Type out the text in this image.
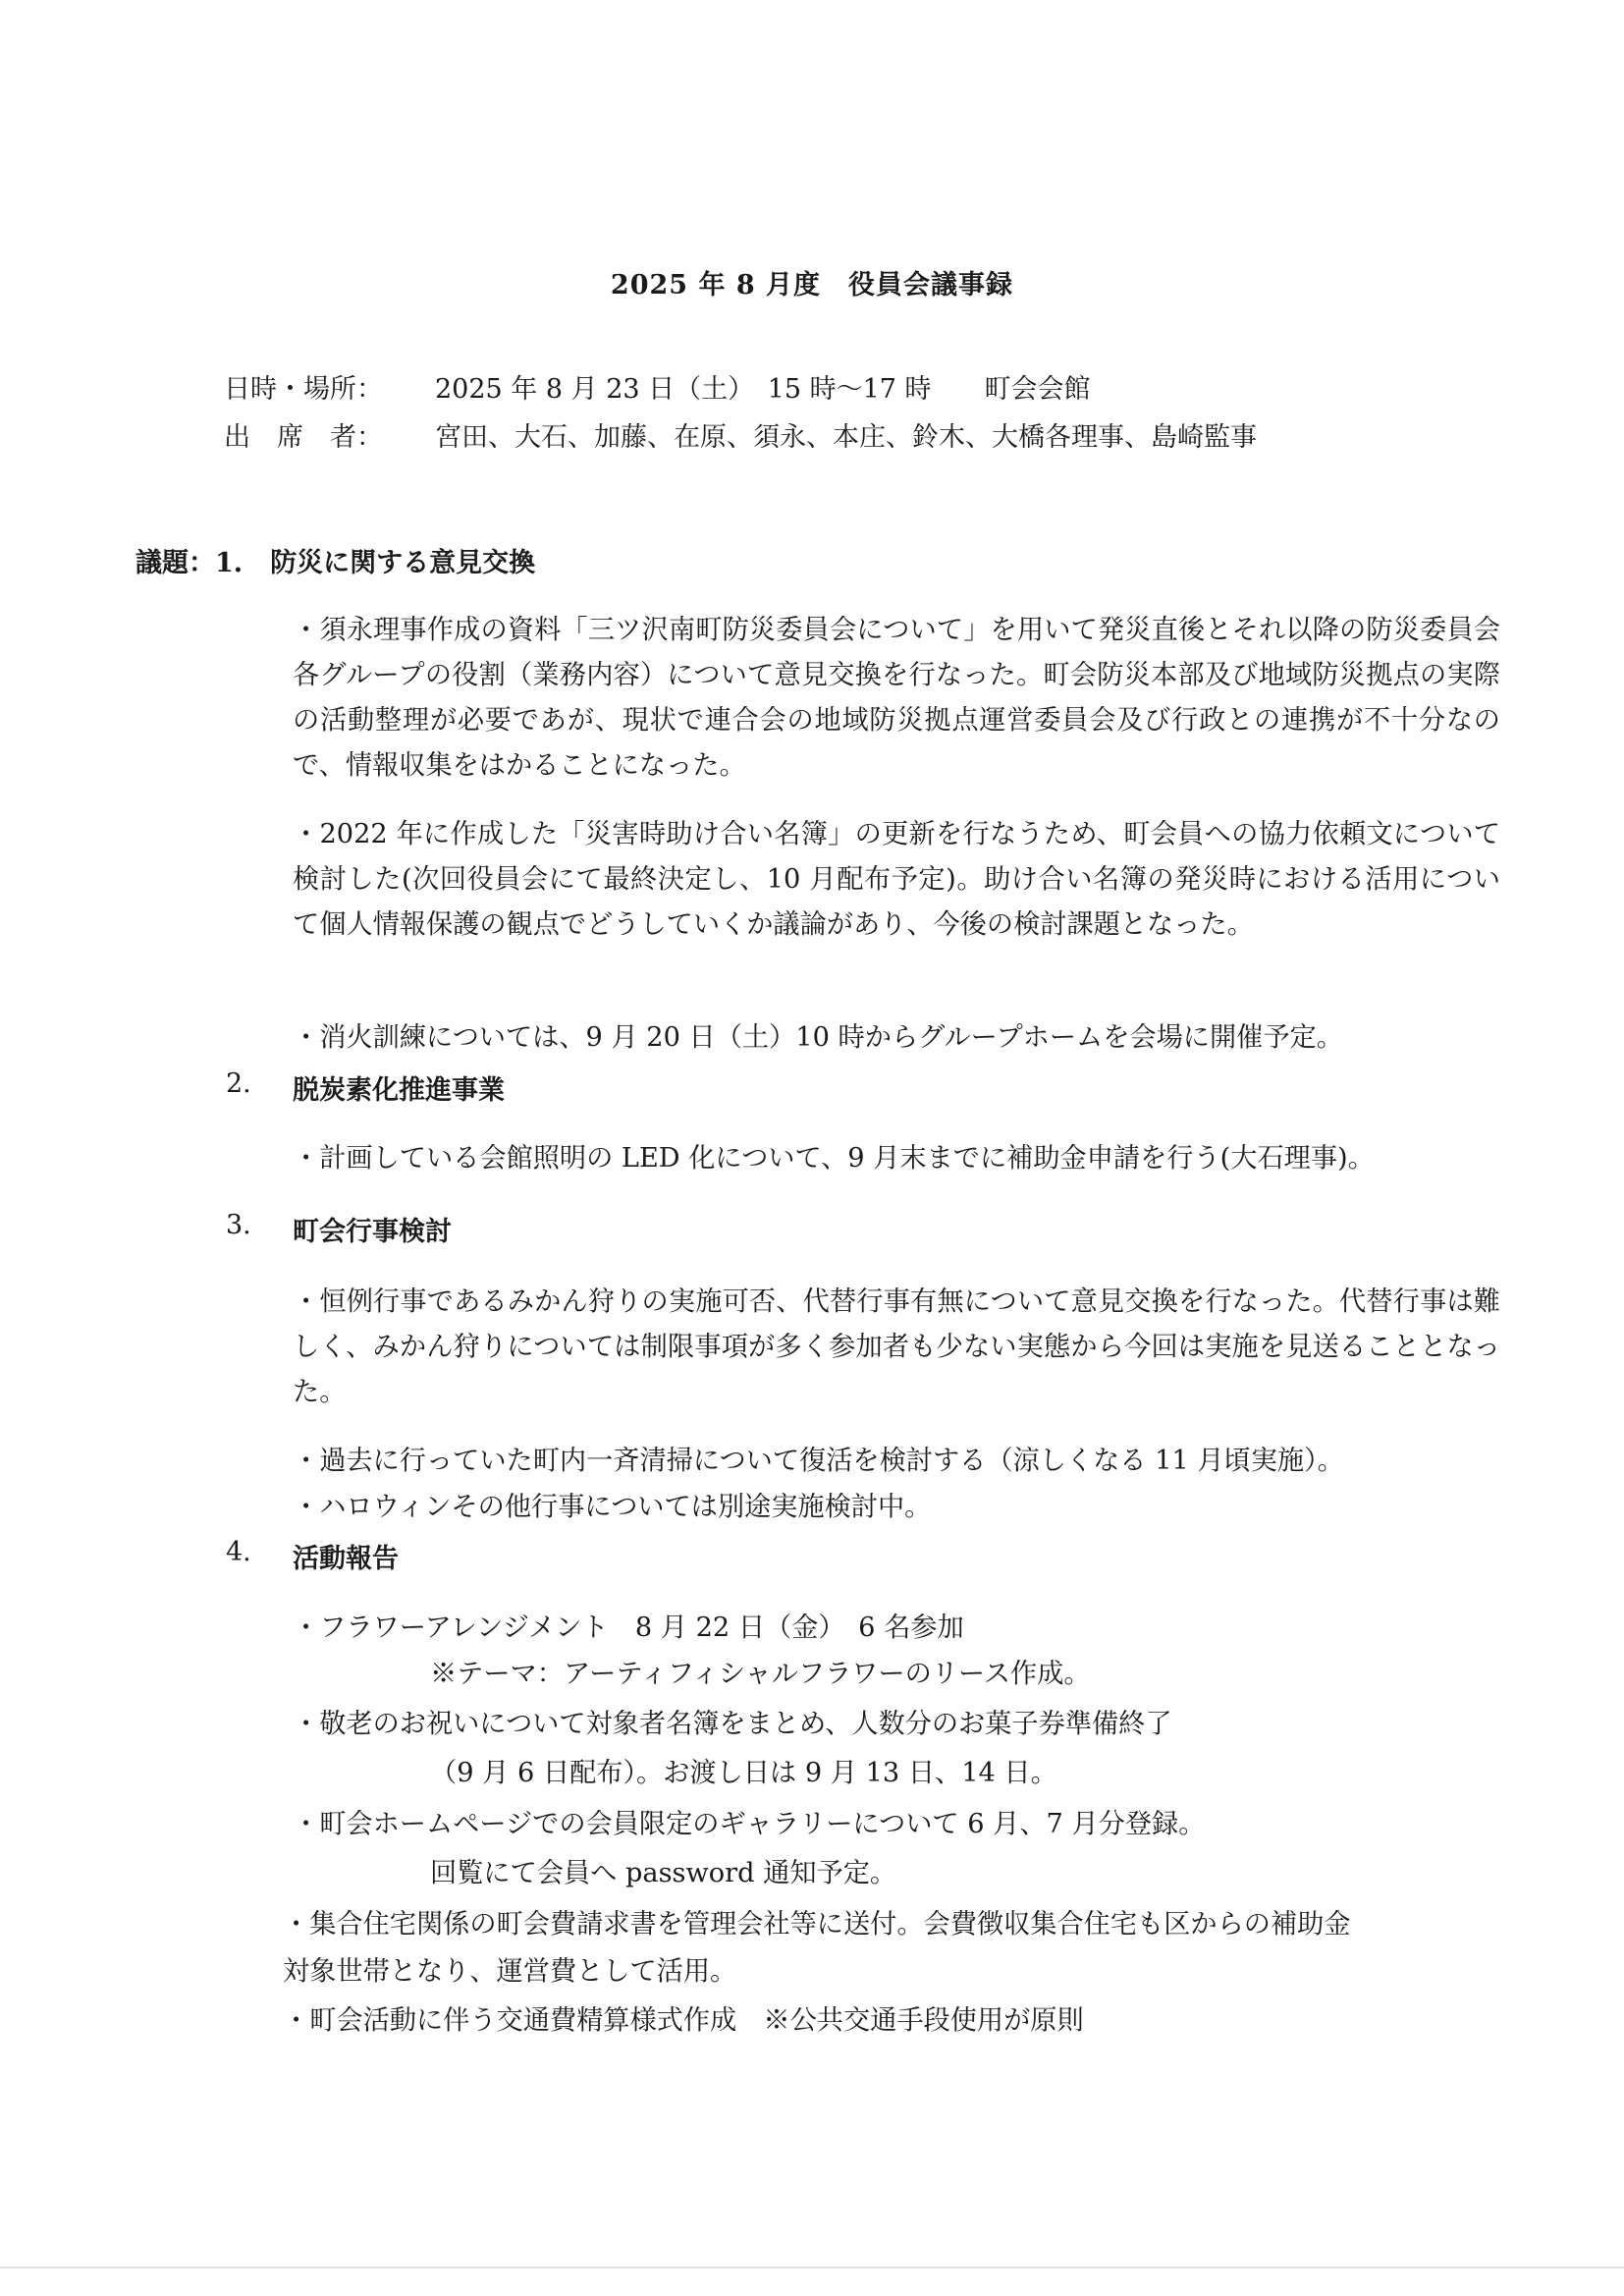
2025 年 8 月度　役員会議事録
日時・場所： 2025 年 8 月 23 日（土）　15 時～17 時　　町会会館
出　席　者： 宮田、大石、加藤、在原、須永、本庄、鈴木、大橋各理事、島崎監事
議題：1. 防災に関する意見交換
・須永理事作成の資料「三ツ沢南町防災委員会について」を用いて発災直後とそれ以降の防災委員会各グループの役割（業務内容）について意見交換を行なった。町会防災本部及び地域防災拠点の実際の活動整理が必要であが、現状で連合会の地域防災拠点運営委員会及び行政との連携が不十分なので、情報収集をはかることになった。
・2022 年に作成した「災害時助け合い名簿」の更新を行なうため、町会員への協力依頼文について検討した(次回役員会にて最終決定し、10 月配布予定)。助け合い名簿の発災時における活用について個人情報保護の観点でどうしていくか議論があり、今後の検討課題となった。
・消火訓練については、9 月 20 日（土）10 時からグループホームを会場に開催予定。
2. 脱炭素化推進事業
・計画している会館照明の LED 化について、9 月末までに補助金申請を行う(大石理事)。
3. 町会行事検討
・恒例行事であるみかん狩りの実施可否、代替行事有無について意見交換を行なった。代替行事は難しく、みかん狩りについては制限事項が多く参加者も少ない実態から今回は実施を見送ることとなった。
・過去に行っていた町内一斉清掃について復活を検討する（涼しくなる 11 月頃実施）。
・ハロウィンその他行事については別途実施検討中。
4. 活動報告
・フラワーアレンジメント　8 月 22 日（金）　6 名参加
※テーマ：アーティフィシャルフラワーのリース作成。
・敬老のお祝いについて対象者名簿をまとめ、人数分のお菓子券準備終了
（9 月 6 日配布）。お渡し日は 9 月 13 日、14 日。
・町会ホームページでの会員限定のギャラリーについて 6 月、7 月分登録。
回覧にて会員へ password 通知予定。
・集合住宅関係の町会費請求書を管理会社等に送付。会費徴収集合住宅も区からの補助金
対象世帯となり、運営費として活用。
・町会活動に伴う交通費精算様式作成　※公共交通手段使用が原則
